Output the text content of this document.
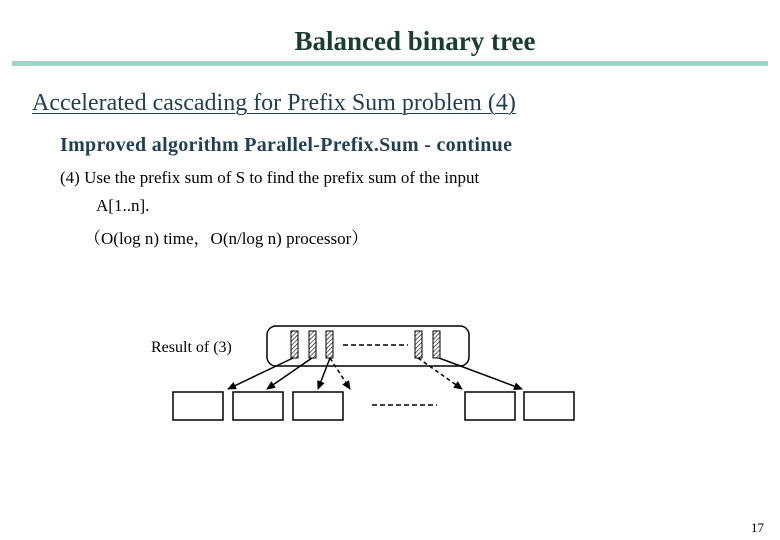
Balanced binary tree
Accelerated cascading for Prefix Sum problem (4)
Improved algorithm Parallel-Prefix.Sum - continue
(4) Use the prefix sum of S to find the prefix sum of the input
A[1..n].
（O(log n) time，O(n/log n) processor）
Result of (3)
17
